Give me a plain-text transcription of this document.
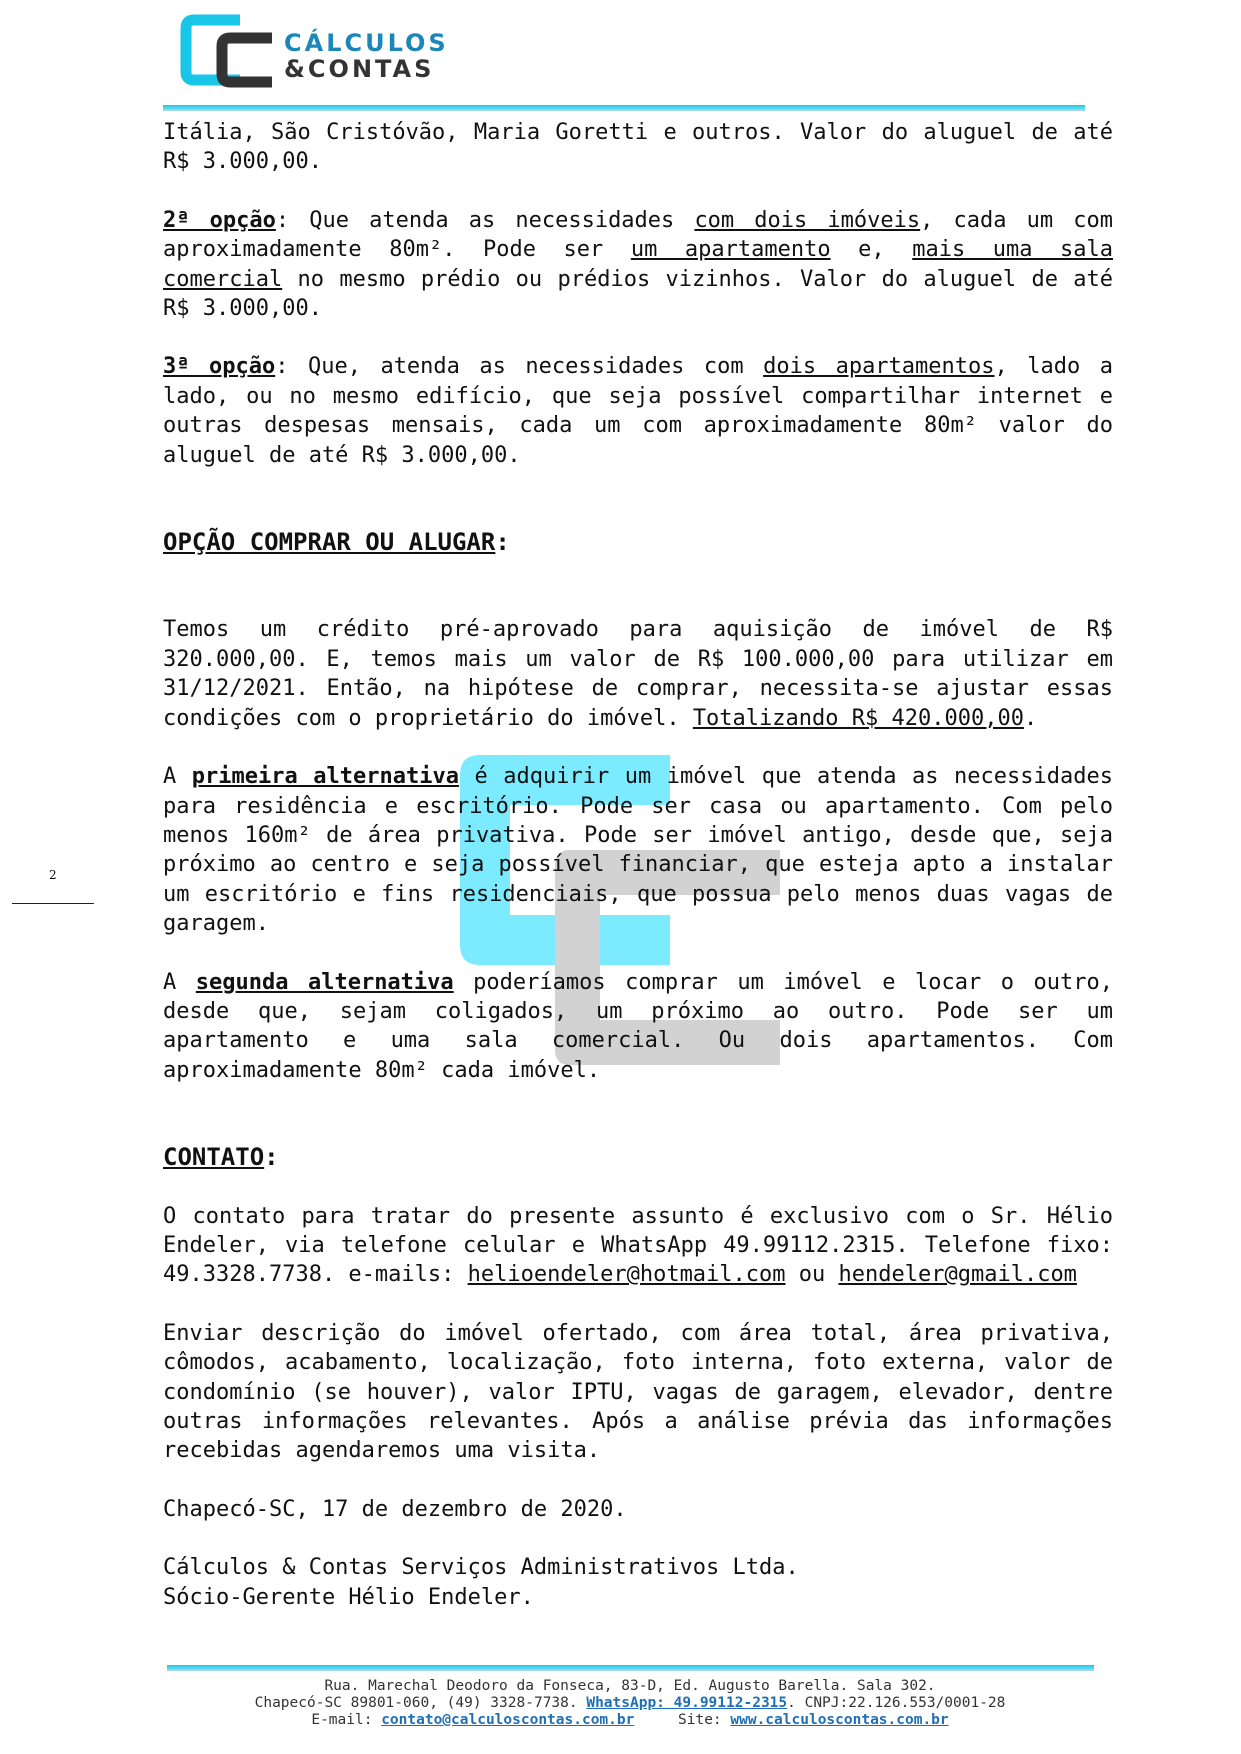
CÁLCULOS
&CONTAS
2

Itália, São Cristóvão, Maria Goretti e outros. Valor do aluguel de até R$ 3.000,00.

2ª opção: Que atenda as necessidades com dois imóveis, cada um com aproximadamente 80m². Pode ser um apartamento e, mais uma sala comercial no mesmo prédio ou prédios vizinhos. Valor do aluguel de até R$ 3.000,00.

3ª opção: Que, atenda as necessidades com dois apartamentos, lado a lado, ou no mesmo edifício, que seja possível compartilhar internet e outras despesas mensais, cada um com aproximadamente 80m² valor do aluguel de até R$ 3.000,00.

OPÇÃO COMPRAR OU ALUGAR:

Temos um crédito pré-aprovado para aquisição de imóvel de R$ 320.000,00. E, temos mais um valor de R$ 100.000,00 para utilizar em 31/12/2021. Então, na hipótese de comprar, necessita-se ajustar essas condições com o proprietário do imóvel. Totalizando R$ 420.000,00.

A primeira alternativa é adquirir um imóvel que atenda as necessidades para residência e escritório. Pode ser casa ou apartamento. Com pelo menos 160m² de área privativa. Pode ser imóvel antigo, desde que, seja próximo ao centro e seja possível financiar, que esteja apto a instalar um escritório e fins residenciais, que possua pelo menos duas vagas de garagem.

A segunda alternativa poderíamos comprar um imóvel e locar o outro, desde que, sejam coligados, um próximo ao outro. Pode ser um apartamento e uma sala comercial. Ou dois apartamentos. Com aproximadamente 80m² cada imóvel.

CONTATO:

O contato para tratar do presente assunto é exclusivo com o Sr. Hélio Endeler, via telefone celular e WhatsApp 49.99112.2315. Telefone fixo: 49.3328.7738. e-mails: helioendeler@hotmail.com ou hendeler@gmail.com

Enviar descrição do imóvel ofertado, com área total, área privativa, cômodos, acabamento, localização, foto interna, foto externa, valor de condomínio (se houver), valor IPTU, vagas de garagem, elevador, dentre outras informações relevantes. Após a análise prévia das informações recebidas agendaremos uma visita.

Chapecó-SC, 17 de dezembro de 2020.

Cálculos & Contas Serviços Administrativos Ltda.

Sócio-Gerente Hélio Endeler.

Rua. Marechal Deodoro da Fonseca, 83-D, Ed. Augusto Barella. Sala 302.
Chapecó-SC 89801-060, (49) 3328-7738. WhatsApp: 49.99112-2315. CNPJ:22.126.553/0001-28
E-mail: contato@calculoscontas.com.br     Site: www.calculoscontas.com.br
